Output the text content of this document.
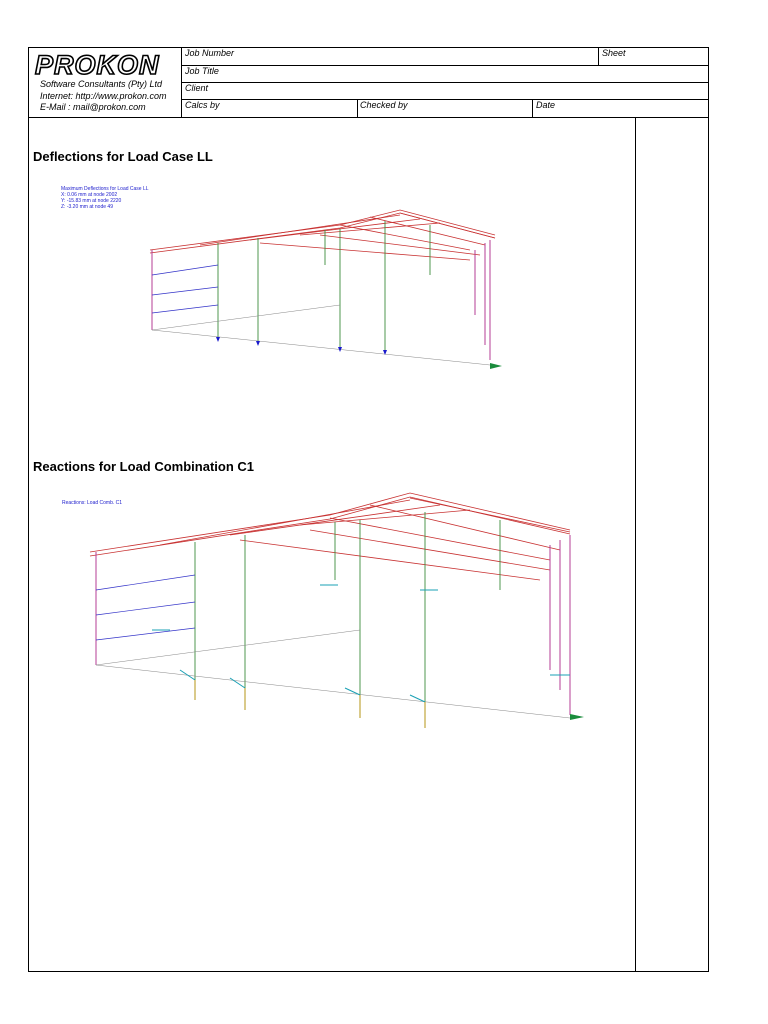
Job Number	Sheet
Job Title
Client
Calcs by	Checked by	Date
PROKON
Software Consultants (Pty) Ltd
Internet: http://www.prokon.com
E-Mail : mail@prokon.com
Deflections for Load Case LL
Maximum Deflections for Load Case LL
X: 0.06 mm at node 2002
Y: -15.83 mm at node 2220
Z: -3.20 mm at node 49
Reactions for Load Combination C1
Reactions: Load Comb. C1
